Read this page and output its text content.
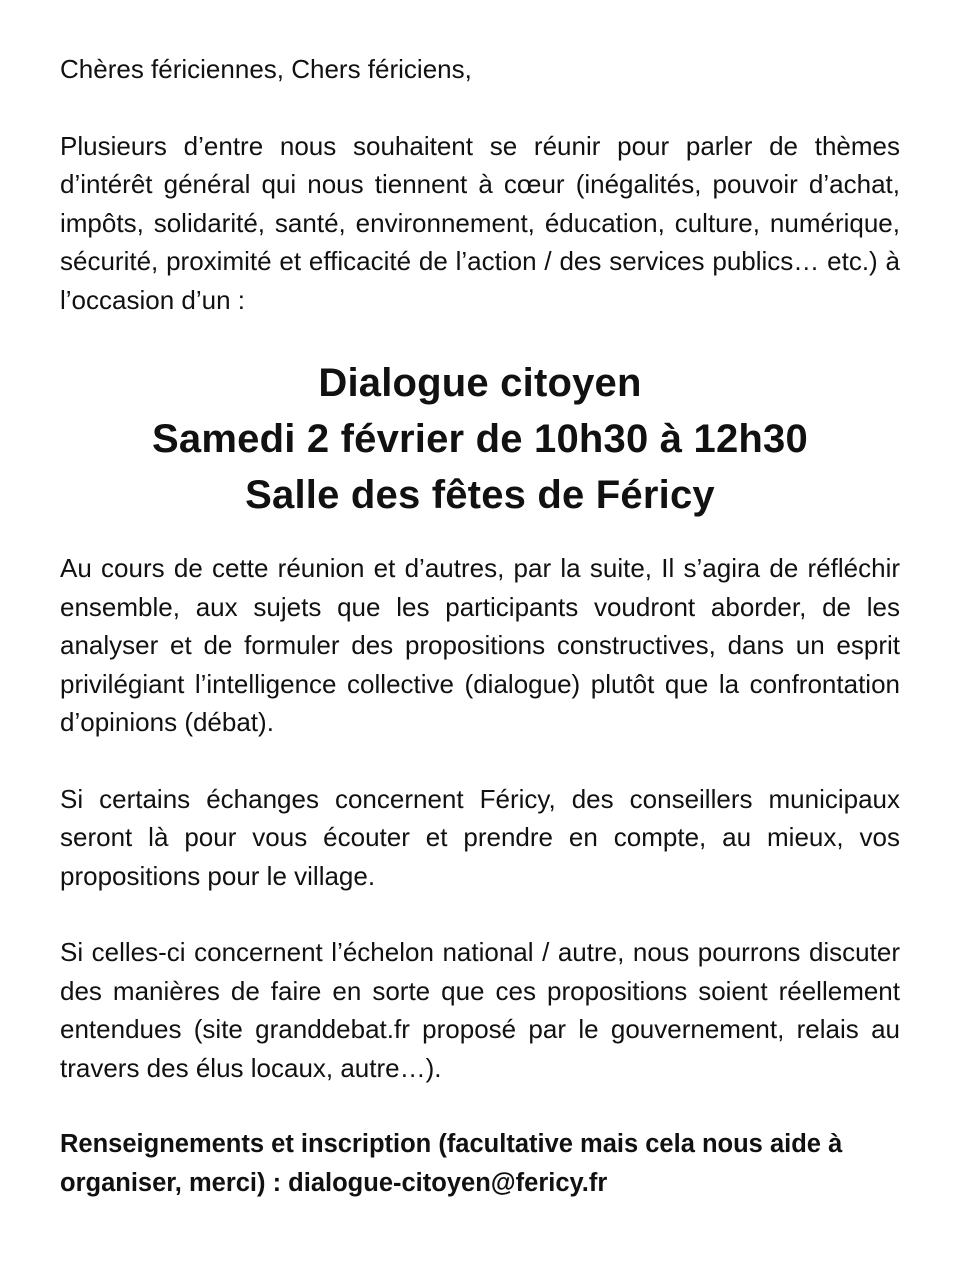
Chères fériciennes, Chers fériciens,

Plusieurs d’entre nous souhaitent se réunir pour parler de thèmes d’intérêt général qui nous tiennent à cœur (inégalités, pouvoir d’achat, impôts, solidarité, santé, environnement, éducation, culture, numérique, sécurité, proximité et efficacité de l’action / des services publics… etc.) à l’occasion d’un :

Dialogue citoyen
Samedi 2 février de 10h30 à 12h30
Salle des fêtes de Féricy

Au cours de cette réunion et d’autres, par la suite, Il s’agira de réfléchir ensemble, aux sujets que les participants voudront aborder, de les analyser et de formuler des propositions constructives, dans un esprit privilégiant l’intelligence collective (dialogue) plutôt que la confrontation d’opinions (débat).

Si certains échanges concernent Féricy, des conseillers municipaux seront là pour vous écouter et prendre en compte, au mieux, vos propositions pour le village.

Si celles-ci concernent l’échelon national / autre, nous pourrons discuter des manières de faire en sorte que ces propositions soient réellement entendues (site granddebat.fr proposé par le gouvernement, relais au travers des élus locaux, autre…).

Renseignements et inscription (facultative mais cela nous aide à organiser, merci) : dialogue-citoyen@fericy.fr
